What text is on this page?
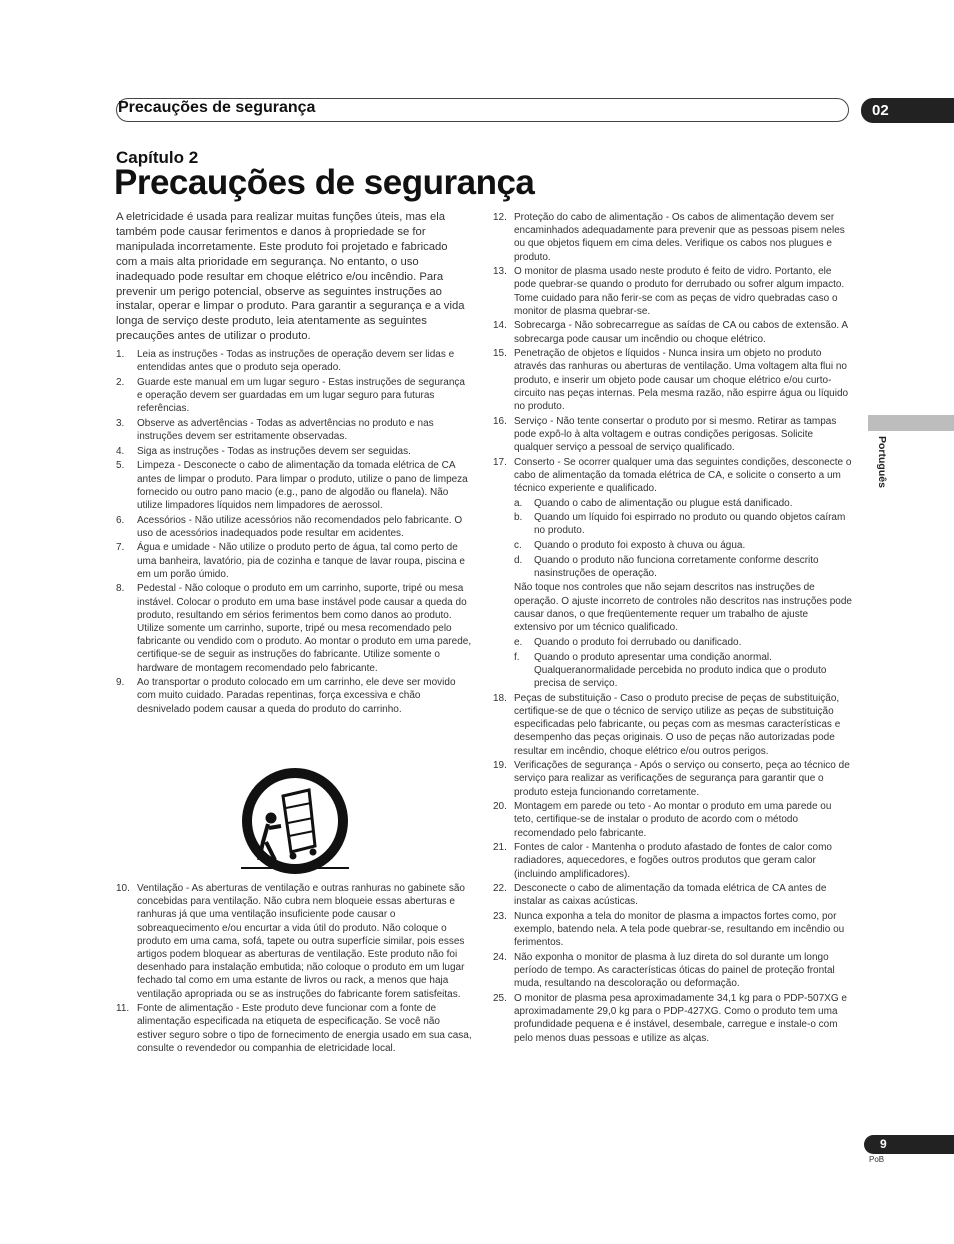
Precauções de segurança	02
Capítulo 2
Precauções de segurança
Português

A eletricidade é usada para realizar muitas funções úteis, mas ela também pode causar ferimentos e danos à propriedade se for manipulada incorretamente. Este produto foi projetado e fabricado com a mais alta prioridade em segurança. No entanto, o uso inadequado pode resultar em choque elétrico e/ou incêndio. Para prevenir um perigo potencial, observe as seguintes instruções ao instalar, operar e limpar o produto. Para garantir a segurança e a vida longa de serviço deste produto, leia atentamente as seguintes precauções antes de utilizar o produto.

1. Leia as instruções - Todas as instruções de operação devem ser lidas e entendidas antes que o produto seja operado.
2. Guarde este manual em um lugar seguro - Estas instruções de segurança e operação devem ser guardadas em um lugar seguro para futuras referências.
3. Observe as advertências - Todas as advertências no produto e nas instruções devem ser estritamente observadas.
4. Siga as instruções - Todas as instruções devem ser seguidas.
5. Limpeza - Desconecte o cabo de alimentação da tomada elétrica de CA antes de limpar o produto. Para limpar o produto, utilize o pano de limpeza fornecido ou outro pano macio (e.g., pano de algodão ou flanela). Não utilize limpadores líquidos nem limpadores de aerossol.
6. Acessórios - Não utilize acessórios não recomendados pelo fabricante. O uso de acessórios inadequados pode resultar em acidentes.
7. Água e umidade - Não utilize o produto perto de água, tal como perto de uma banheira, lavatório, pia de cozinha e tanque de lavar roupa, piscina e em um porão úmido.
8. Pedestal - Não coloque o produto em um carrinho, suporte, tripé ou mesa instável. Colocar o produto em uma base instável pode causar a queda do produto, resultando em sérios ferimentos bem como danos ao produto. Utilize somente um carrinho, suporte, tripé ou mesa recomendado pelo fabricante ou vendido com o produto. Ao montar o produto em uma parede, certifique-se de seguir as instruções do fabricante. Utilize somente o hardware de montagem recomendado pelo fabricante.
9. Ao transportar o produto colocado em um carrinho, ele deve ser movido com muito cuidado. Paradas repentinas, força excessiva e chão desnivelado podem causar a queda do produto do carrinho.
10. Ventilação - As aberturas de ventilação e outras ranhuras no gabinete são concebidas para ventilação. Não cubra nem bloqueie essas aberturas e ranhuras já que uma ventilação insuficiente pode causar o sobreaquecimento e/ou encurtar a vida útil do produto. Não coloque o produto em uma cama, sofá, tapete ou outra superfície similar, pois esses artigos podem bloquear as aberturas de ventilação. Este produto não foi desenhado para instalação embutida; não coloque o produto em um lugar fechado tal como em uma estante de livros ou rack, a menos que haja ventilação apropriada ou se as instruções do fabricante forem satisfeitas.
11. Fonte de alimentação - Este produto deve funcionar com a fonte de alimentação especificada na etiqueta de especificação. Se você não estiver seguro sobre o tipo de fornecimento de energia usado em sua casa, consulte o revendedor ou companhia de eletricidade local.
12. Proteção do cabo de alimentação - Os cabos de alimentação devem ser encaminhados adequadamente para prevenir que as pessoas pisem neles ou que objetos fiquem em cima deles. Verifique os cabos nos plugues e produto.
13. O monitor de plasma usado neste produto é feito de vidro. Portanto, ele pode quebrar-se quando o produto for derrubado ou sofrer algum impacto. Tome cuidado para não ferir-se com as peças de vidro quebradas caso o monitor de plasma quebrar-se.
14. Sobrecarga - Não sobrecarregue as saídas de CA ou cabos de extensão. A sobrecarga pode causar um incêndio ou choque elétrico.
15. Penetração de objetos e líquidos - Nunca insira um objeto no produto através das ranhuras ou aberturas de ventilação. Uma voltagem alta flui no produto, e inserir um objeto pode causar um choque elétrico e/ou curto-circuito nas peças internas. Pela mesma razão, não espirre água ou líquido no produto.
16. Serviço - Não tente consertar o produto por si mesmo. Retirar as tampas pode expô-lo à alta voltagem e outras condições perigosas. Solicite qualquer serviço a pessoal de serviço qualificado.
17. Conserto - Se ocorrer qualquer uma das seguintes condições, desconecte o cabo de alimentação da tomada elétrica de CA, e solicite o conserto a um técnico experiente e qualificado.
a. Quando o cabo de alimentação ou plugue está danificado.
b. Quando um líquido foi espirrado no produto ou quando objetos caíram no produto.
c. Quando o produto foi exposto à chuva ou água.
d. Quando o produto não funciona corretamente conforme descrito nasinstruções de operação.

Não toque nos controles que não sejam descritos nas instruções de operação. O ajuste incorreto de controles não descritos nas instruções pode causar danos, o que freqüentemente requer um trabalho de ajuste extensivo por um técnico qualificado.

e. Quando o produto foi derrubado ou danificado.
f. Quando o produto apresentar uma condição anormal. Qualqueranormalidade percebida no produto indica que o produto precisa de serviço.
18. Peças de substituição - Caso o produto precise de peças de substituição, certifique-se de que o técnico de serviço utilize as peças de substituição especificadas pelo fabricante, ou peças com as mesmas características e desempenho das peças originais. O uso de peças não autorizadas pode resultar em incêndio, choque elétrico e/ou outros perigos.
19. Verificações de segurança - Após o serviço ou conserto, peça ao técnico de serviço para realizar as verificações de segurança para garantir que o produto esteja funcionando corretamente.
20. Montagem em parede ou teto - Ao montar o produto em uma parede ou teto, certifique-se de instalar o produto de acordo com o método recomendado pelo fabricante.
21. Fontes de calor - Mantenha o produto afastado de fontes de calor como radiadores, aquecedores, e fogões outros produtos que geram calor (incluindo amplificadores).
22. Desconecte o cabo de alimentação da tomada elétrica de CA antes de instalar as caixas acústicas.
23. Nunca exponha a tela do monitor de plasma a impactos fortes como, por exemplo, batendo nela. A tela pode quebrar-se, resultando em incêndio ou ferimentos.
24. Não exponha o monitor de plasma à luz direta do sol durante um longo período de tempo. As características óticas do painel de proteção frontal muda, resultando na descoloração ou deformação.
25. O monitor de plasma pesa aproximadamente 34,1 kg para o PDP-507XG e aproximadamente 29,0 kg para o PDP-427XG. Como o produto tem uma profundidade pequena e é instável, desembale, carregue e instale-o com pelo menos duas pessoas e utilize as alças.
9
PoB
